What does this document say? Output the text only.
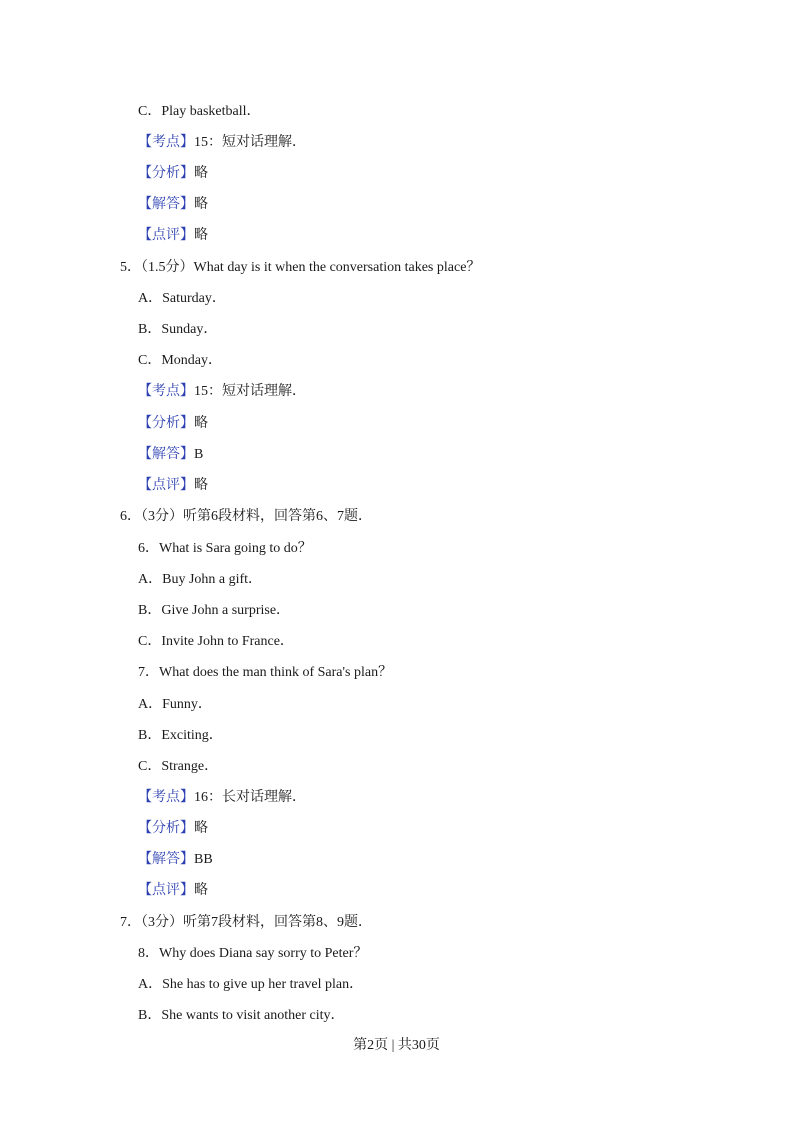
C．Play basketball．
【考点】15：短对话理解．
【分析】略
【解答】略
【点评】略
5．（1.5分）What day is it when the conversation takes place？
A．Saturday．
B．Sunday．
C．Monday．
【考点】15：短对话理解．
【分析】略
【解答】B
【点评】略
6．（3分）听第6段材料，回答第6、7题．
6．What is Sara going to do？
A．Buy John a gift．
B．Give John a surprise．
C．Invite John to France．
7．What does the man think of Sara's plan？
A．Funny．
B．Exciting．
C．Strange．
【考点】16：长对话理解．
【分析】略
【解答】BB
【点评】略
7．（3分）听第7段材料，回答第8、9题．
8．Why does Diana say sorry to Peter？
A．She has to give up her travel plan．
B．She wants to visit another city．
第2页 | 共30页
